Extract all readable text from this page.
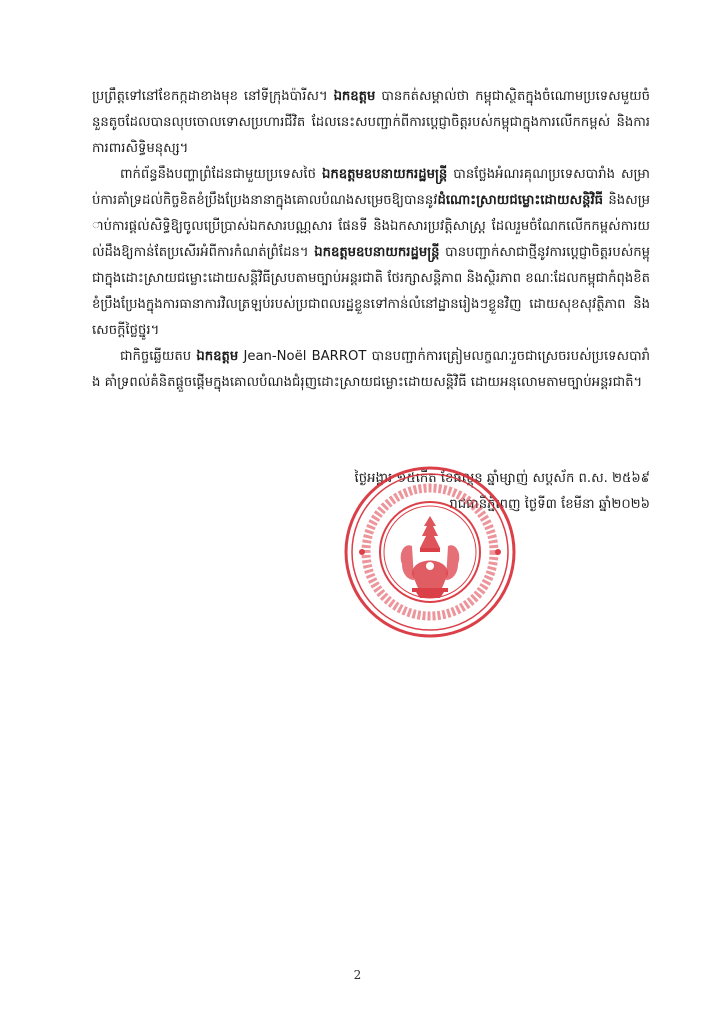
ប្រព្រឹត្តទៅនៅខែកក្កដាខាងមុខ នៅទីក្រុងប៉ារីស។ ឯកឧត្តម បានកត់សម្គាល់ថា កម្ពុជាស្ថិតក្នុងចំណោមប្រទេសមួយចំនួនតូចដែលបានលុបចោលទោសប្រហារជីវិត ដែលនេះសបញ្ជាក់ពីការប្តេជ្ញាចិត្តរបស់កម្ពុជាក្នុងការលើកកម្ពស់ និងការការពារសិទ្ធិមនុស្ស។

ពាក់ព័ន្ធនឹងបញ្ហាព្រំដែនជាមួយប្រទេសថៃ ឯកឧត្តមឧបនាយករដ្ឋមន្ត្រី បានថ្លែងអំណរគុណប្រទេសបារាំង សម្រាប់ការគាំទ្រដល់កិច្ចខិតខំប្រឹងប្រែងនានាក្នុងគោលបំណងសម្រេចឱ្យបាននូវដំណោះស្រាយជម្លោះដោយសន្តិវិធី និងសម្រាប់ការផ្តល់សិទ្ធិឱ្យចូលប្រើប្រាស់ឯកសារបណ្ណសារ ផែនទី និងឯកសារប្រវត្តិសាស្ត្រ ដែលរួមចំណែកលើកកម្ពស់ការយល់ដឹងឱ្យកាន់តែប្រសើរអំពីការកំណត់ព្រំដែន។ ឯកឧត្តមឧបនាយករដ្ឋមន្ត្រី បានបញ្ជាក់សាជាថ្មីនូវការប្តេជ្ញាចិត្តរបស់កម្ពុជាក្នុងដោះស្រាយជម្លោះដោយសន្តិវិធីស្របតាមច្បាប់អន្តរជាតិ ថែរក្សាសន្តិភាព និងស្ថិរភាព ខណៈដែលកម្ពុជាកំពុងខិតខំប្រឹងប្រែងក្នុងការធានាការវិលត្រឡប់របស់ប្រជាពលរដ្ឋខ្លួនទៅកាន់លំនៅដ្ឋានរៀងៗខ្លួនវិញ ដោយសុខសុវត្ថិភាព និងសេចក្តីថ្លៃថ្នូរ។

ជាកិច្ចឆ្លើយតប ឯកឧត្តម Jean-Noël BARROT បានបញ្ជាក់ការត្រៀមលក្ខណៈរួចជាស្រេចរបស់ប្រទេសបារាំង គាំទ្រពល់គំនិតផ្តួចផ្តើមក្នុងគោលបំណងជំរុញដោះស្រាយជម្លោះដោយសន្តិវិធី ដោយអនុលោមតាមច្បាប់អន្តរជាតិ។

ថ្ងៃអង្គារ ១៥កើត ខែផល្គុន ឆ្នាំម្សាញ់ សប្តស័ក ព.ស. ២៥៦៩
រាជធានីភ្នំពេញ ថ្ងៃទី៣ ខែមីនា ឆ្នាំ២០២៦
2
